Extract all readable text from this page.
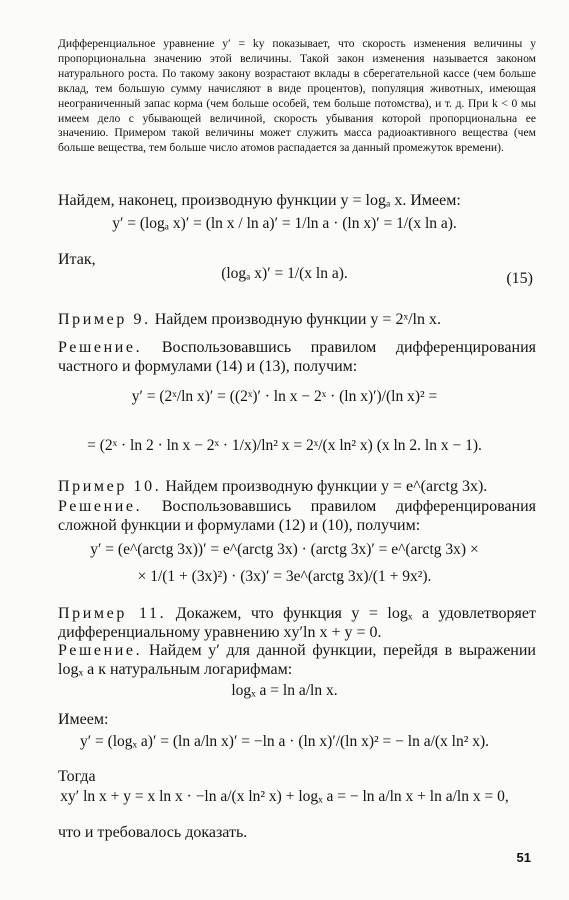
Дифференциальное уравнение y′ = ky показывает, что скорость изменения величины y пропорциональна значению этой величины. Такой закон изменения называется законом натурального роста. По такому закону возрастают вклады в сберегательной кассе (чем больше вклад, тем большую сумму начисляют в виде процентов), популяция животных, имеющая неограниченный запас корма (чем больше особей, тем больше потомства), и т. д. При k < 0 мы имеем дело с убывающей величиной, скорость убывания которой пропорциональна ее значению. Примером такой величины может служить масса радиоактивного вещества (чем больше вещества, тем больше число атомов распадается за данный промежуток времени).
Найдем, наконец, производную функции y = logₐ x. Имеем:
y′ = (logₐ x)′ = (ln x / ln a)′ = 1/ln a · (ln x)′ = 1/(x ln a).
Итак,
(logₐ x)′ = 1/(x ln a).	(15)
Пример 9. Найдем производную функции y = 2ˣ/ln x.
Решение. Воспользовавшись правилом дифференцирования частного и формулами (14) и (13), получим:
y′ = (2ˣ/ln x)′ = ((2ˣ)′ · ln x − 2ˣ · (ln x)′)/(ln x)² =
= (2ˣ · ln 2 · ln x − 2ˣ · 1/x)/ln² x = 2ˣ/(x ln² x) (x ln 2. ln x − 1).
Пример 10. Найдем производную функции y = e^(arctg 3x).
Решение. Воспользовавшись правилом дифференцирования сложной функции и формулами (12) и (10), получим:
y′ = (e^(arctg 3x))′ = e^(arctg 3x) · (arctg 3x)′ = e^(arctg 3x) ×
× 1/(1 + (3x)²) · (3x)′ = 3e^(arctg 3x)/(1 + 9x²).
Пример 11. Докажем, что функция y = logₓ a удовлетворяет дифференциальному уравнению xy′ln x + y = 0.
Решение. Найдем y′ для данной функции, перейдя в выражении logₓ a к натуральным логарифмам:
logₓ a = ln a/ln x.
Имеем:
y′ = (logₓ a)′ = (ln a/ln x)′ = −ln a · (ln x)′/(ln x)² = − ln a/(x ln² x).
Тогда
xy′ ln x + y = x ln x · −ln a/(x ln² x) + logₓ a = − ln a/ln x + ln a/ln x = 0,
что и требовалось доказать.
51
